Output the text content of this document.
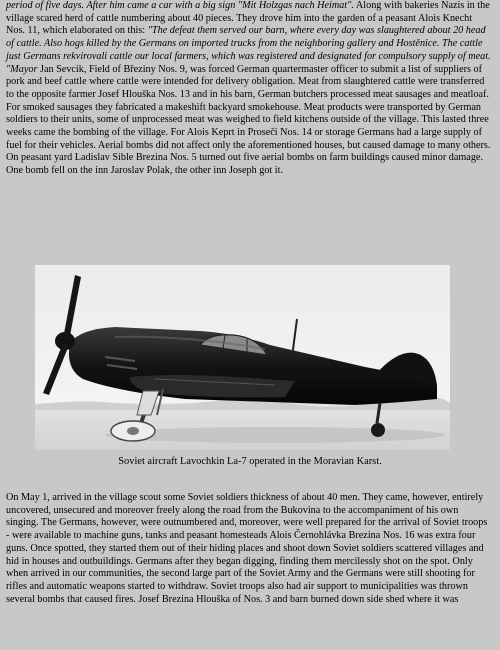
period of five days. After him came a car with a big sign "Mit Holzgas nach Heimat". Along with bakeries Nazis in the village scared herd of cattle numbering about 40 pieces. They drove him into the garden of a peasant Alois Knecht Nos. 11, which elaborated on this: "The defeat them served our barn, where every day was slaughtered about 20 head of cattle. Also hogs killed by the Germans on imported trucks from the neighboring gallery and Hostěnice. The cattle just Germans rekvirovali cattle our local farmers, which was registered and designated for compulsory supply of meat. "Mayor Jan Sevcik, Field of Březiny Nos. 9, was forced German quartermaster officer to submit a list of suppliers of pork and beef cattle where cattle were intended for delivery obligation. Meat from slaughtered cattle were transferred to the opposite farmer Josef Hlouška Nos. 13 and in his barn, German butchers processed meat sausages and meatloaf. For smoked sausages they fabricated a makeshift backyard smokehouse. Meat products were transported by German soldiers to their units, some of unprocessed meat was weighed to field kitchens outside of the village. This lasted three weeks came the bombing of the village. For Alois Keprt in Proseči Nos. 14 or storage Germans had a large supply of fuel for their vehicles. Aerial bombs did not affect only the aforementioned houses, but caused damage to many others. On peasant yard Ladislav Sible Brezina Nos. 5 turned out five aerial bombs on farm buildings caused minor damage. One bomb fell on the inn Jaroslav Polak, the other inn Joseph got it.

Soviet aircraft Lavochkin La-7 operated in the Moravian Karst.

On May 1, arrived in the village scout some Soviet soldiers thickness of about 40 men. They came, however, entirely uncovered, unsecured and moreover freely along the road from the Bukovina to the accompaniment of his own singing. The Germans, however, were outnumbered and, moreover, were well prepared for the arrival of Soviet troops - were available to machine guns, tanks and peasant homesteads Alois Černohlávka Brezina Nos. 16 was extra four guns. Once spotted, they started them out of their hiding places and shoot down Soviet soldiers scattered villages and hid in houses and outbuildings. Germans after they began digging, finding them mercilessly shot on the spot. Only when arrived in our communities, the second large part of the Soviet Army and the Germans were still shooting for rifles and automatic weapons started to withdraw. Soviet troops also had air support to municipalities was thrown several bombs that caused fires. Josef Brezina Hlouška of Nos. 3 and barn burned down side shed where it was
